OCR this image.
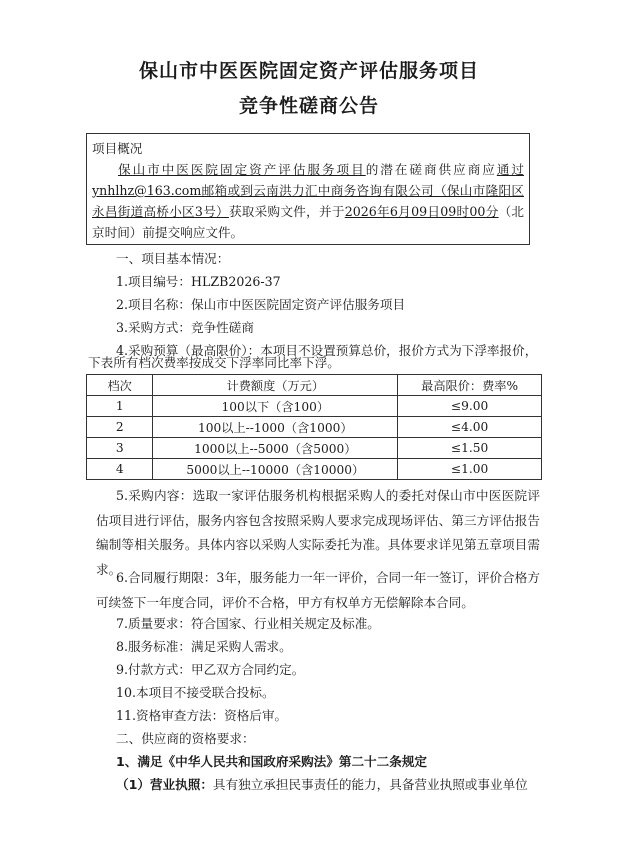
保山市中医医院固定资产评估服务项目
竞争性磋商公告
项目概况
保山市中医医院固定资产评估服务项目的潜在磋商供应商应通过ynhlhz@163.com邮箱或到云南洪力汇中商务咨询有限公司（保山市隆阳区永昌街道高桥小区3号）获取采购文件，并于2026年6月09日09时00分（北京时间）前提交响应文件。
一、项目基本情况：
1.项目编号：HLZB2026-37
2.项目名称：保山市中医医院固定资产评估服务项目
3.采购方式：竞争性磋商
4.采购预算（最高限价）：本项目不设置预算总价，报价方式为下浮率报价，
下表所有档次费率按成交下浮率同比率下浮。
档次	计费额度（万元）	最高限价：费率%
1	100以下（含100）	≤9.00
2	100以上--1000（含1000）	≤4.00
3	1000以上--5000（含5000）	≤1.50
4	5000以上--10000（含10000）	≤1.00
5.采购内容：选取一家评估服务机构根据采购人的委托对保山市中医医院评估项目进行评估，服务内容包含按照采购人要求完成现场评估、第三方评估报告编制等相关服务。具体内容以采购人实际委托为准。具体要求详见第五章项目需求。
6.合同履行期限：3年，服务能力一年一评价，合同一年一签订，评价合格方可续签下一年度合同，评价不合格，甲方有权单方无偿解除本合同。
7.质量要求：符合国家、行业相关规定及标准。
8.服务标准：满足采购人需求。
9.付款方式：甲乙双方合同约定。
10.本项目不接受联合投标。
11.资格审查方法：资格后审。
二、供应商的资格要求：
1、满足《中华人民共和国政府采购法》第二十二条规定
（1）营业执照：具有独立承担民事责任的能力，具备营业执照或事业单位
